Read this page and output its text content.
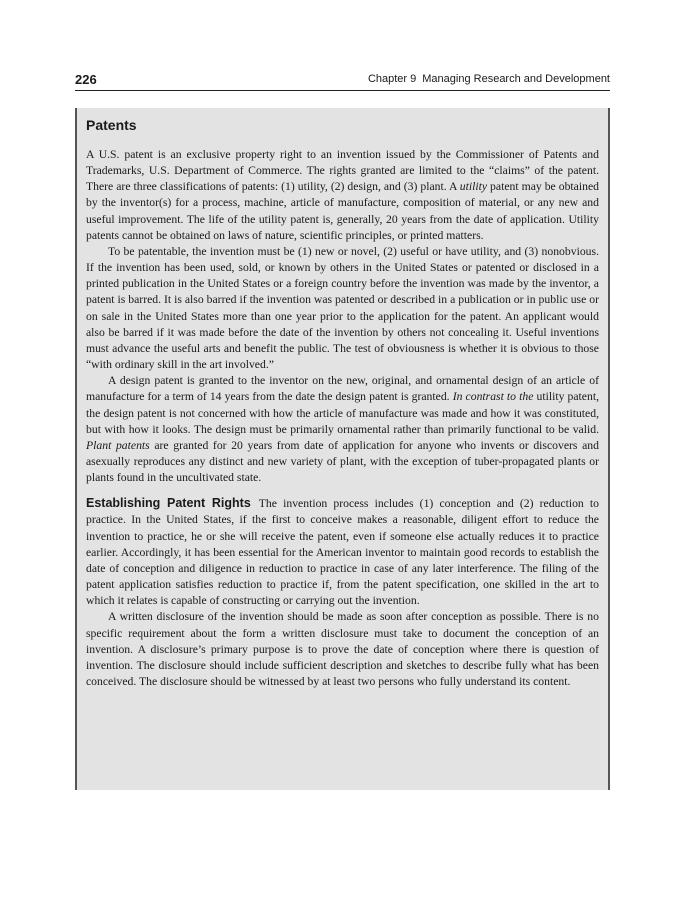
226	Chapter 9 Managing Research and Development
Patents

A U.S. patent is an exclusive property right to an invention issued by the Commissioner of Patents and Trademarks, U.S. Department of Commerce. The rights granted are limited to the “claims” of the patent. There are three classifications of patents: (1) utility, (2) design, and (3) plant. A utility patent may be obtained by the inventor(s) for a process, machine, article of manufacture, composition of material, or any new and useful improvement. The life of the utility patent is, generally, 20 years from the date of application. Utility patents cannot be obtained on laws of nature, scientific principles, or printed matters.

To be patentable, the invention must be (1) new or novel, (2) useful or have utility, and (3) nonobvious. If the invention has been used, sold, or known by others in the United States or patented or disclosed in a printed publication in the United States or a foreign country before the invention was made by the inventor, a patent is barred. It is also barred if the invention was patented or described in a publication or in public use or on sale in the United States more than one year prior to the application for the patent. An applicant would also be barred if it was made before the date of the invention by others not concealing it. Useful inventions must advance the useful arts and benefit the public. The test of obviousness is whether it is obvious to those “with ordinary skill in the art involved.”

A design patent is granted to the inventor on the new, original, and ornamental design of an article of manufacture for a term of 14 years from the date the design patent is granted. In contrast to the utility patent, the design patent is not concerned with how the article of manufacture was made and how it was constituted, but with how it looks. The design must be primarily ornamental rather than primarily functional to be valid. Plant patents are granted for 20 years from date of application for anyone who invents or discovers and asexually reproduces any distinct and new variety of plant, with the exception of tuber-propagated plants or plants found in the uncultivated state.

Establishing Patent Rights The invention process includes (1) conception and (2) reduction to practice. In the United States, if the first to conceive makes a reasonable, diligent effort to reduce the invention to practice, he or she will receive the patent, even if someone else actually reduces it to practice earlier. Accordingly, it has been essential for the American inventor to maintain good records to establish the date of conception and diligence in reduction to practice in case of any later interference. The filing of the patent application satisfies reduction to practice if, from the patent specification, one skilled in the art to which it relates is capable of constructing or carrying out the invention.

A written disclosure of the invention should be made as soon after conception as possible. There is no specific requirement about the form a written disclosure must take to document the conception of an invention. A disclosure’s primary purpose is to prove the date of conception where there is question of invention. The disclosure should include sufficient description and sketches to describe fully what has been conceived. The disclosure should be witnessed by at least two persons who fully understand its content.
